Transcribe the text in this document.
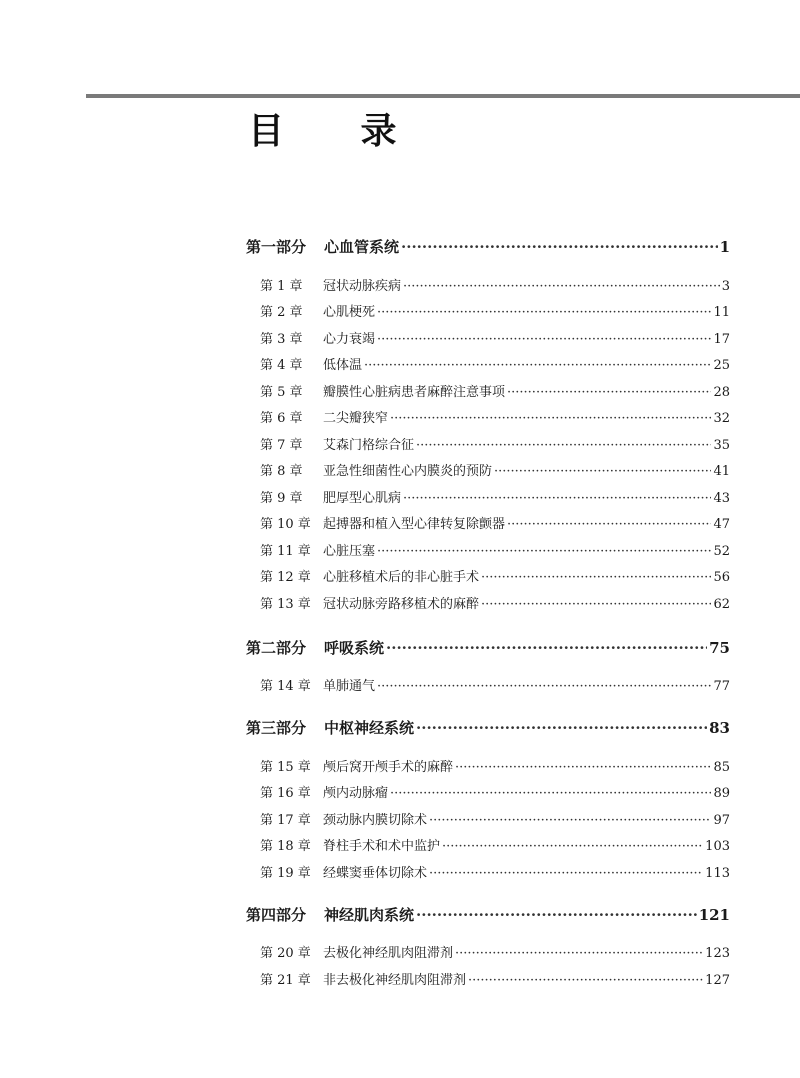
目 录
第一部分 心血管系统 ·····	1
第 1 章 冠状动脉疾病 ·····	3
第 2 章 心肌梗死 ·····	11
第 3 章 心力衰竭 ·····	17
第 4 章 低体温 ·····	25
第 5 章 瓣膜性心脏病患者麻醉注意事项 ·····	28
第 6 章 二尖瓣狭窄 ·····	32
第 7 章 艾森门格综合征 ·····	35
第 8 章 亚急性细菌性心内膜炎的预防 ·····	41
第 9 章 肥厚型心肌病 ·····	43
第 10 章 起搏器和植入型心律转复除颤器 ·····	47
第 11 章 心脏压塞 ·····	52
第 12 章 心脏移植术后的非心脏手术 ·····	56
第 13 章 冠状动脉旁路移植术的麻醉 ·····	62
第二部分 呼吸系统 ·····	75
第 14 章 单肺通气 ·····	77
第三部分 中枢神经系统 ·····	83
第 15 章 颅后窝开颅手术的麻醉 ·····	85
第 16 章 颅内动脉瘤 ·····	89
第 17 章 颈动脉内膜切除术 ·····	97
第 18 章 脊柱手术和术中监护 ·····	103
第 19 章 经蝶窦垂体切除术 ·····	113
第四部分 神经肌肉系统 ·····	121
第 20 章 去极化神经肌肉阻滞剂 ·····	123
第 21 章 非去极化神经肌肉阻滞剂 ·····	127
